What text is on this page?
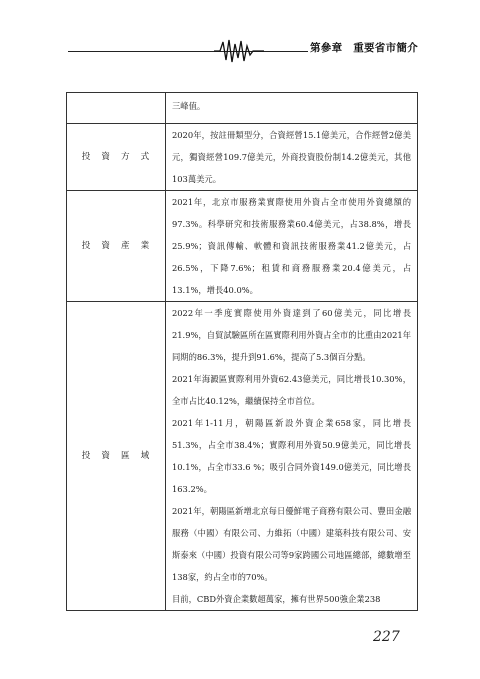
第參章　重要省市簡介

	三峰值。

投資方式	2020年，按註冊類型分，合資經營15.1億美元，合作經營2億美元，獨資經營109.7億美元，外商投資股份制14.2億美元，其他103萬美元。

投資產業	2021年，北京市服務業實際使用外資占全市使用外資總額的97.3%。科學研究和技術服務業60.4億美元，占38.8%，增長25.9%；資訊傳輸、軟體和資訊技術服務業41.2億美元，占26.5%，下降7.6%；租賃和商務服務業20.4億美元，占13.1%，增長40.0%。

投資區域	2022年一季度實際使用外資達到了60億美元，同比增長21.9%，自貿試驗區所在區實際利用外資占全市的比重由2021年同期的86.3%，提升到91.6%，提高了5.3個百分點。

2021年海澱區實際利用外資62.43億美元，同比增長10.30%，全市占比40.12%，繼續保持全市首位。

2021年1-11月，朝陽區新設外資企業658家，同比增長51.3%，占全市38.4%；實際利用外資50.9億美元，同比增長10.1%，占全市33.6 %；吸引合同外資149.0億美元，同比增長163.2%。

2021年，朝陽區新增北京每日優鮮電子商務有限公司、豐田金融服務（中國）有限公司、力維拓（中國）建築科技有限公司、安斯泰來（中國）投資有限公司等9家跨國公司地區總部，總數增至138家，約占全市的70%。

目前，CBD外資企業數超萬家，擁有世界500強企業238

227
